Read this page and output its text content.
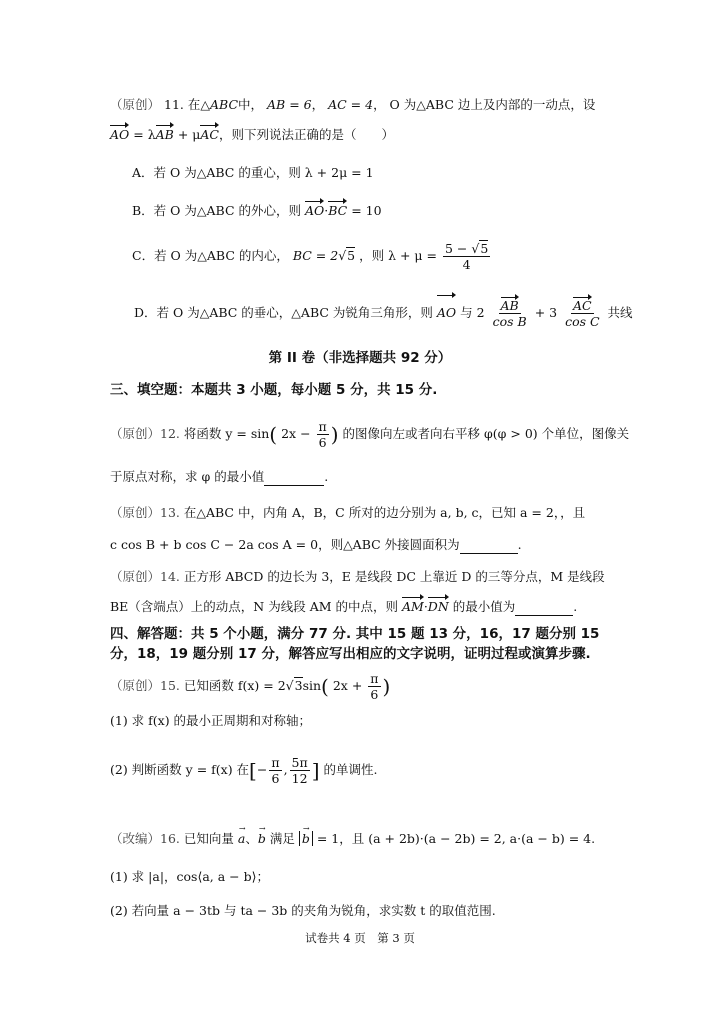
（原创） 11. 在△ABC中， AB = 6， AC = 4， O 为△ABC 边上及内部的一动点，设
AO = λAB + μAC，则下列说法正确的是（　　）
A．若 O 为△ABC 的重心，则 λ + 2μ = 1
B．若 O 为△ABC 的外心，则 AO·BC = 10
C．若 O 为△ABC 的内心， BC = 2√5 ，则 $\lambda + \mu = \frac{5 - √5}{4}$
D．若 O 为△ABC 的垂心，△ABC 为锐角三角形，则 AO 与 $2 \frac{AB}{\text{cos B}} + 3 \frac{AC}{\text{cos C}}$ 共线
第 II 卷（非选择题共 92 分）
三、填空题：本题共 3 小题，每小题 5 分，共 15 分.
（原创）12. 将函数 y = sin( $2x - \frac{\pi}{6}$ ) 的图像向左或者向右平移 φ(φ > 0) 个单位，图像关
于原点对称，求 φ 的最小值	.
（原创）13. 在△ABC 中，内角 A，B，C 所对的边分别为 a, b, c，已知 a = 2，，且
c cos B + b cos C − 2a cos A = 0，则△ABC 外接圆面积为	.
（原创）14. 正方形 ABCD 的边长为 3，E 是线段 DC 上靠近 D 的三等分点，M 是线段
BE（含端点）上的动点，N 为线段 AM 的中点，则 AM·DN 的最小值为	.
四、解答题：共 5 个小题，满分 77 分. 其中 15 题 13 分，16，17 题分别 15
分，18，19 题分别 17 分，解答应写出相应的文字说明，证明过程或演算步骤.
（原创）15. 已知函数 f(x) = 2√3sin( $2x + \frac{\pi}{6}$ )
(1) 求 f(x) 的最小正周期和对称轴；
(2) 判断函数 y = f(x) 在[− $\frac{\pi}{6}$ , $\frac{5\pi}{12}$ ] 的单调性.
（改编）16. 已知向量 a →、b → 满足 b → = 1，且 (a + 2b)·(a − 2b) = 2, a·(a − b) = 4.
(1) 求 |a|，cos⟨a, a − b⟩；
(2) 若向量 a − 3tb 与 ta − 3b 的夹角为锐角，求实数 t 的取值范围.
试卷共 4 页　第 3 页
